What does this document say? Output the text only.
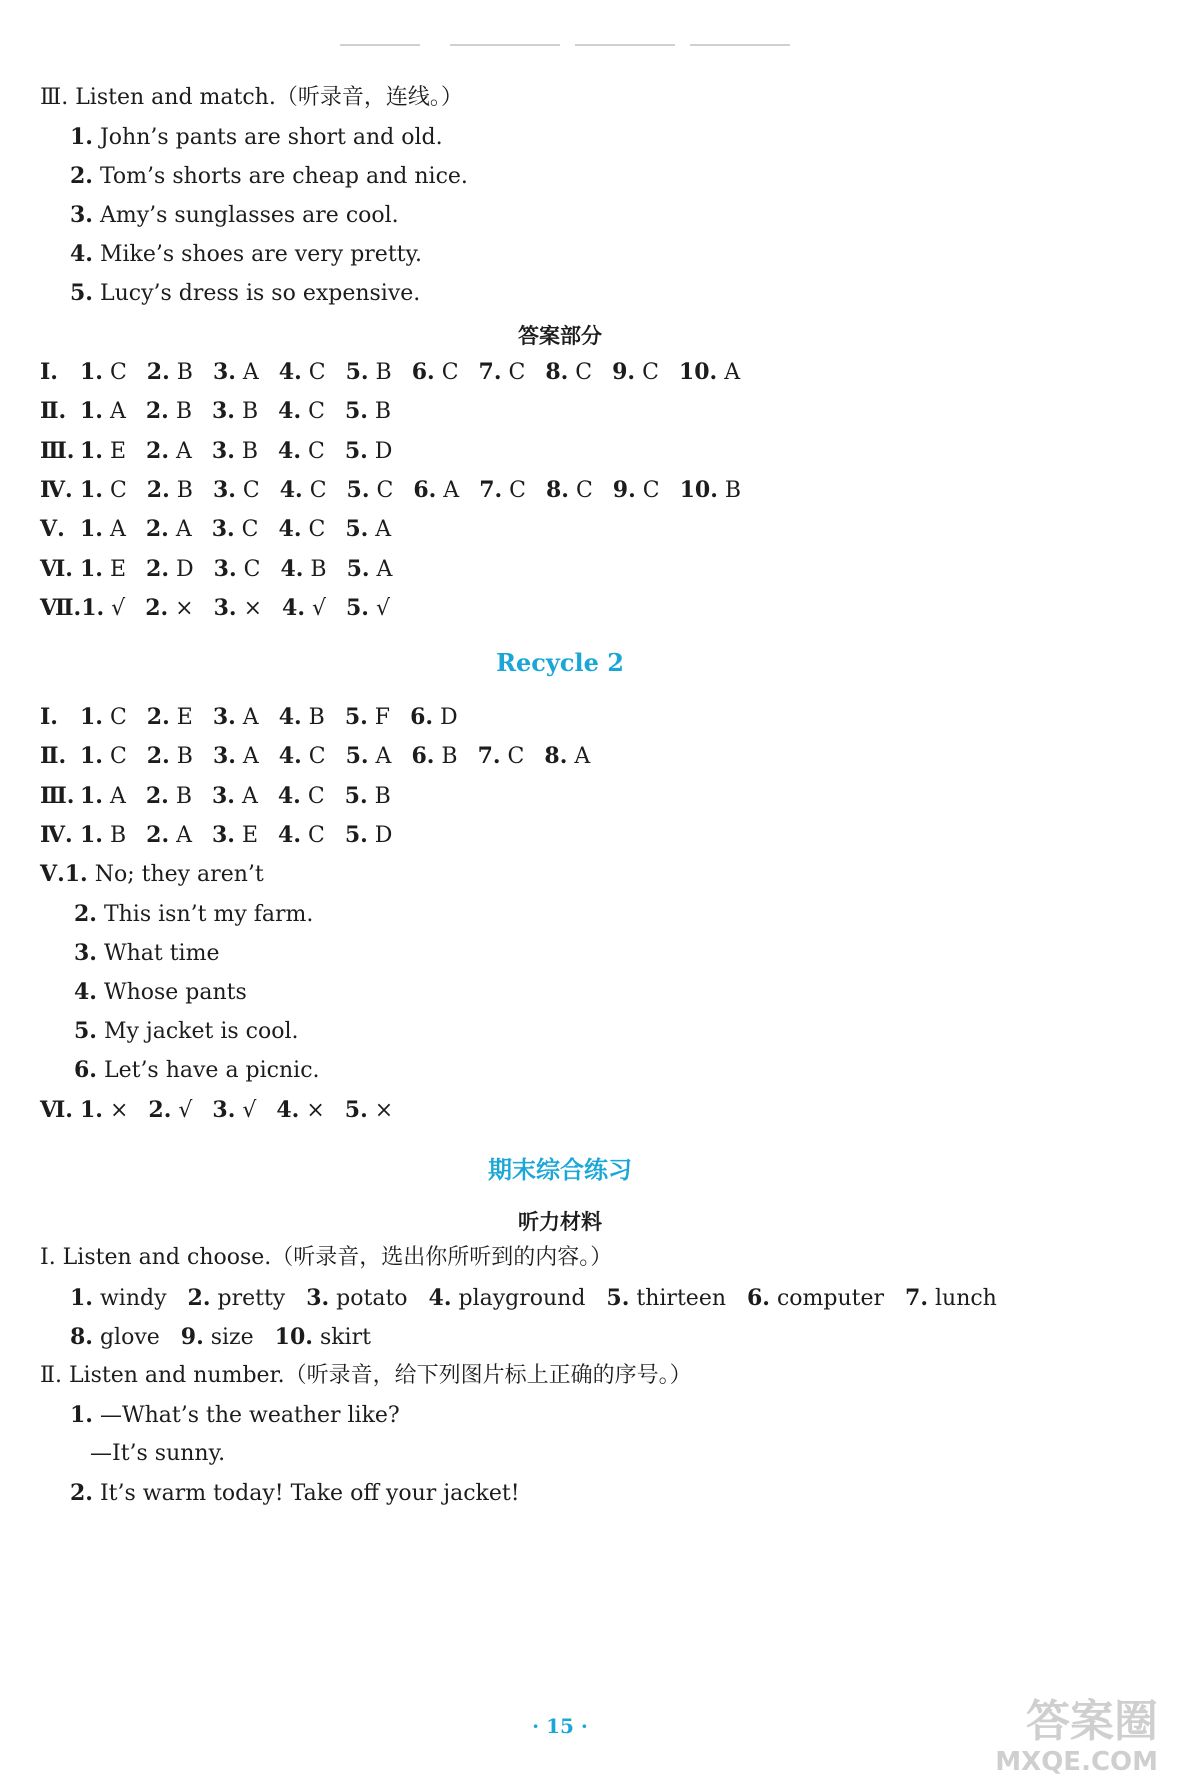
Ⅲ. Listen and match.（听录音，连线。）
1. John’s pants are short and old.
2. Tom’s shorts are cheap and nice.
3. Amy’s sunglasses are cool.
4. Mike’s shoes are very pretty.
5. Lucy’s dress is so expensive.
答案部分
Ⅰ. 1. C 2. B 3. A 4. C 5. B 6. C 7. C 8. C 9. C 10. A
Ⅱ. 1. A 2. B 3. B 4. C 5. B
Ⅲ. 1. E 2. A 3. B 4. C 5. D
Ⅳ. 1. C 2. B 3. C 4. C 5. C 6. A 7. C 8. C 9. C 10. B
Ⅴ. 1. A 2. A 3. C 4. C 5. A
Ⅵ. 1. E 2. D 3. C 4. B 5. A
Ⅶ.1. √ 2. × 3. × 4. √ 5. √
Recycle 2
Ⅰ. 1. C 2. E 3. A 4. B 5. F 6. D
Ⅱ. 1. C 2. B 3. A 4. C 5. A 6. B 7. C 8. A
Ⅲ. 1. A 2. B 3. A 4. C 5. B
Ⅳ. 1. B 2. A 3. E 4. C 5. D
Ⅴ.1. No; they aren’t
2. This isn’t my farm.
3. What time
4. Whose pants
5. My jacket is cool.
6. Let’s have a picnic.
Ⅵ. 1. × 2. √ 3. √ 4. × 5. ×
期末综合练习
听力材料
Ⅰ. Listen and choose.（听录音，选出你所听到的内容。）
1. windy 2. pretty 3. potato 4. playground 5. thirteen 6. computer 7. lunch
8. glove 9. size 10. skirt
Ⅱ. Listen and number.（听录音，给下列图片标上正确的序号。）
1. —What’s the weather like?
—It’s sunny.
2. It’s warm today! Take off your jacket!
· 15 ·	答案圈
MXQE.COM
